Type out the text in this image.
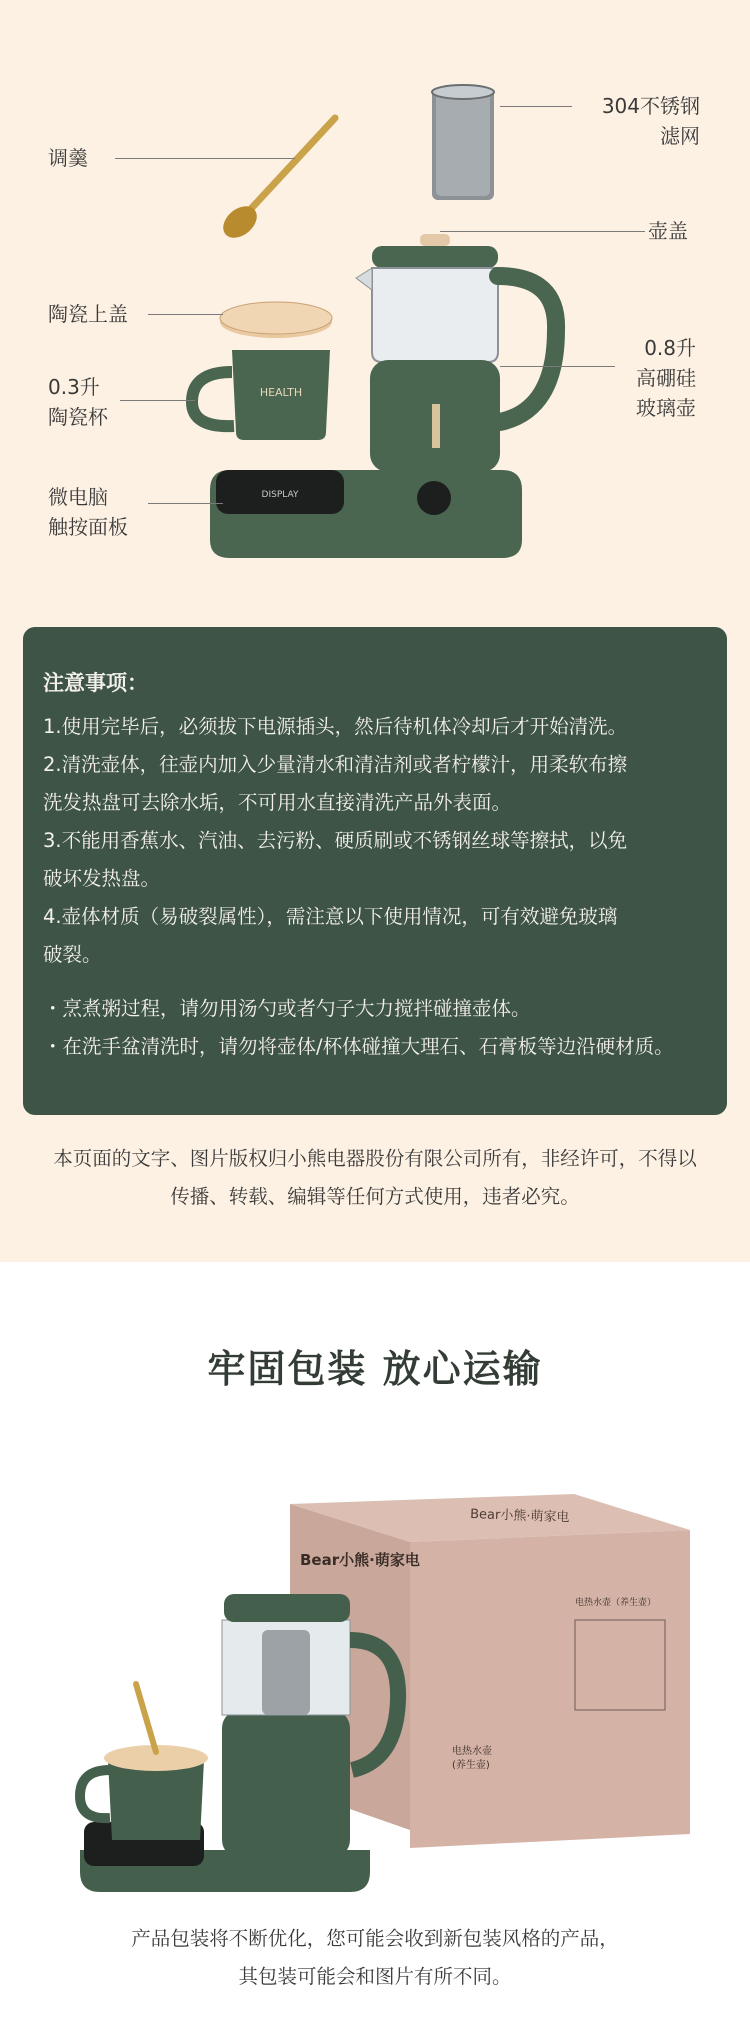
HEALTH
DISPLAY
调羹
304不锈钢
滤网
壶盖
陶瓷上盖
0.8升
高硼硅
玻璃壶
0.3升
陶瓷杯
微电脑
触按面板
注意事项：
1.使用完毕后，必须拔下电源插头，然后待机体冷却后才开始清洗。
2.清洗壶体，往壶内加入少量清水和清洁剂或者柠檬汁，用柔软布擦
洗发热盘可去除水垢，不可用水直接清洗产品外表面。
3.不能用香蕉水、汽油、去污粉、硬质刷或不锈钢丝球等擦拭，以免
破坏发热盘。
4.壶体材质（易破裂属性），需注意以下使用情况，可有效避免玻璃
破裂。
・烹煮粥过程，请勿用汤勺或者勺子大力搅拌碰撞壶体。
・在洗手盆清洗时，请勿将壶体/杯体碰撞大理石、石膏板等边沿硬材质。
本页面的文字、图片版权归小熊电器股份有限公司所有，非经许可，不得以
传播、转载、编辑等任何方式使用，违者必究。
牢固包装 放心运输
Bear小熊·萌家电
Bear小熊·萌家电
电热水壶（养生壶）
电热水壶
(养生壶)
产品包装将不断优化，您可能会收到新包装风格的产品，
其包装可能会和图片有所不同。
